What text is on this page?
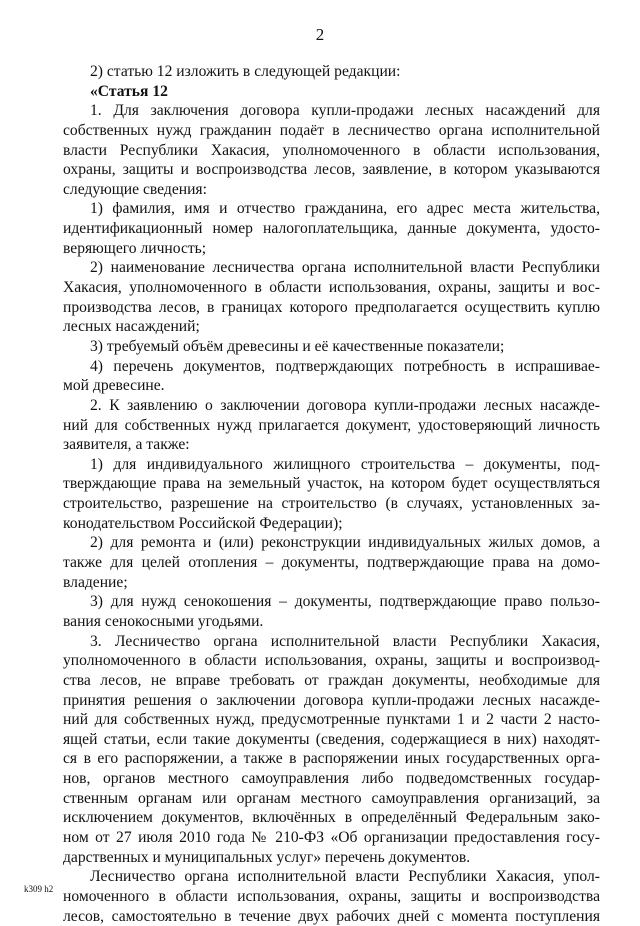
2
2) статью 12 изложить в следующей редакции:
«Статья 12
1. Для заключения договора купли-продажи лесных насаждений для
собственных нужд гражданин подаёт в лесничество органа исполнительной
власти Республики Хакасия, уполномоченного в области использования,
охраны, защиты и воспроизводства лесов, заявление, в котором указываются
следующие сведения:
1) фамилия, имя и отчество гражданина, его адрес места жительства,
идентификационный номер налогоплательщика, данные документа, удосто-
веряющего личность;
2) наименование лесничества органа исполнительной власти Республики
Хакасия, уполномоченного в области использования, охраны, защиты и вос-
производства лесов, в границах которого предполагается осуществить куплю
лесных насаждений;
3) требуемый объём древесины и её качественные показатели;
4) перечень документов, подтверждающих потребность в испрашивае-
мой древесине.
2. К заявлению о заключении договора купли-продажи лесных насажде-
ний для собственных нужд прилагается документ, удостоверяющий личность
заявителя, а также:
1) для индивидуального жилищного строительства – документы, под-
тверждающие права на земельный участок, на котором будет осуществляться
строительство, разрешение на строительство (в случаях, установленных за-
конодательством Российской Федерации);
2) для ремонта и (или) реконструкции индивидуальных жилых домов, а
также для целей отопления – документы, подтверждающие права на домо-
владение;
3) для нужд сенокошения – документы, подтверждающие право пользо-
вания сенокосными угодьями.
3. Лесничество органа исполнительной власти Республики Хакасия,
уполномоченного в области использования, охраны, защиты и воспроизвод-
ства лесов, не вправе требовать от граждан документы, необходимые для
принятия решения о заключении договора купли-продажи лесных насажде-
ний для собственных нужд, предусмотренные пунктами 1 и 2 части 2 насто-
ящей статьи, если такие документы (сведения, содержащиеся в них) находят-
ся в его распоряжении, а также в распоряжении иных государственных орга-
нов, органов местного самоуправления либо подведомственных государ-
ственным органам или органам местного самоуправления организаций, за
исключением документов, включённых в определённый Федеральным зако-
ном от 27 июля 2010 года № 210-ФЗ «Об организации предоставления госу-
дарственных и муниципальных услуг» перечень документов.
Лесничество органа исполнительной власти Республики Хакасия, упол-
номоченного в области использования, охраны, защиты и воспроизводства
лесов, самостоятельно в течение двух рабочих дней с момента поступления
k309 h2
